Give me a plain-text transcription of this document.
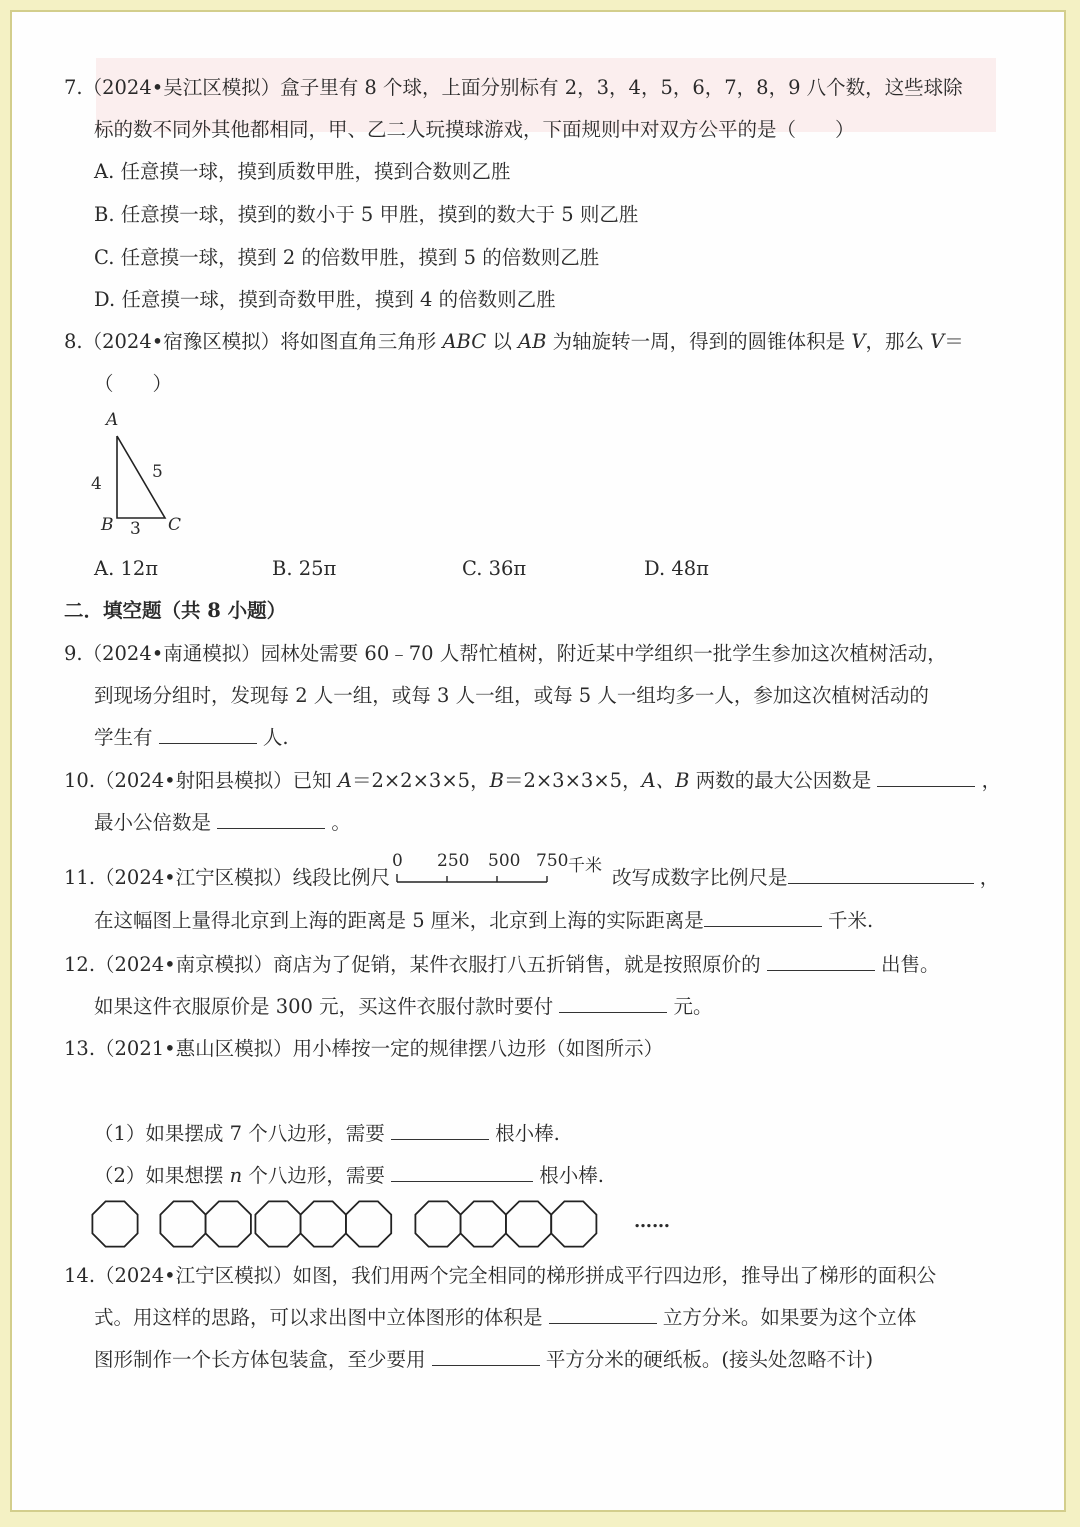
7.（2024•吴江区模拟）盒子里有 8 个球，上面分别标有 2，3，4，5，6，7，8，9 八个数，这些球除
标的数不同外其他都相同，甲、乙二人玩摸球游戏，下面规则中对双方公平的是（　　）
A. 任意摸一球，摸到质数甲胜，摸到合数则乙胜
B. 任意摸一球，摸到的数小于 5 甲胜，摸到的数大于 5 则乙胜
C. 任意摸一球，摸到 2 的倍数甲胜，摸到 5 的倍数则乙胜
D. 任意摸一球，摸到奇数甲胜，摸到 4 的倍数则乙胜
8.（2024•宿豫区模拟）将如图直角三角形 ABC 以 AB 为轴旋转一周，得到的圆锥体积是 V，那么 V＝
（　　）
A
B	C
4
5
3
A. 12π	B. 25π	C. 36π	D. 48π
二．填空题（共 8 小题）
9.（2024•南通模拟）园林处需要 60﹣70 人帮忙植树，附近某中学组织一批学生参加这次植树活动，
到现场分组时，发现每 2 人一组，或每 3 人一组，或每 5 人一组均多一人，参加这次植树活动的
学生有	人.
10.（2024•射阳县模拟）已知 A＝2×2×3×5，B＝2×3×3×5，A、B 两数的最大公因数是	，
最小公倍数是	。
11.（2024•江宁区模拟）线段比例尺
0 250 500 750 千米 改写成数字比例尺是	，
在这幅图上量得北京到上海的距离是 5 厘米，北京到上海的实际距离是	千米.
12.（2024•南京模拟）商店为了促销，某件衣服打八五折销售，就是按照原价的	出售。
如果这件衣服原价是 300 元，买这件衣服付款时要付	元。
13.（2021•惠山区模拟）用小棒按一定的规律摆八边形（如图所示）
（1）如果摆成 7 个八边形，需要	根小棒.
（2）如果想摆 n 个八边形，需要	根小棒.
……
14.（2024•江宁区模拟）如图，我们用两个完全相同的梯形拼成平行四边形，推导出了梯形的面积公
式。用这样的思路，可以求出图中立体图形的体积是	立方分米。如果要为这个立体
图形制作一个长方体包装盒，至少要用	平方分米的硬纸板。(接头处忽略不计)
